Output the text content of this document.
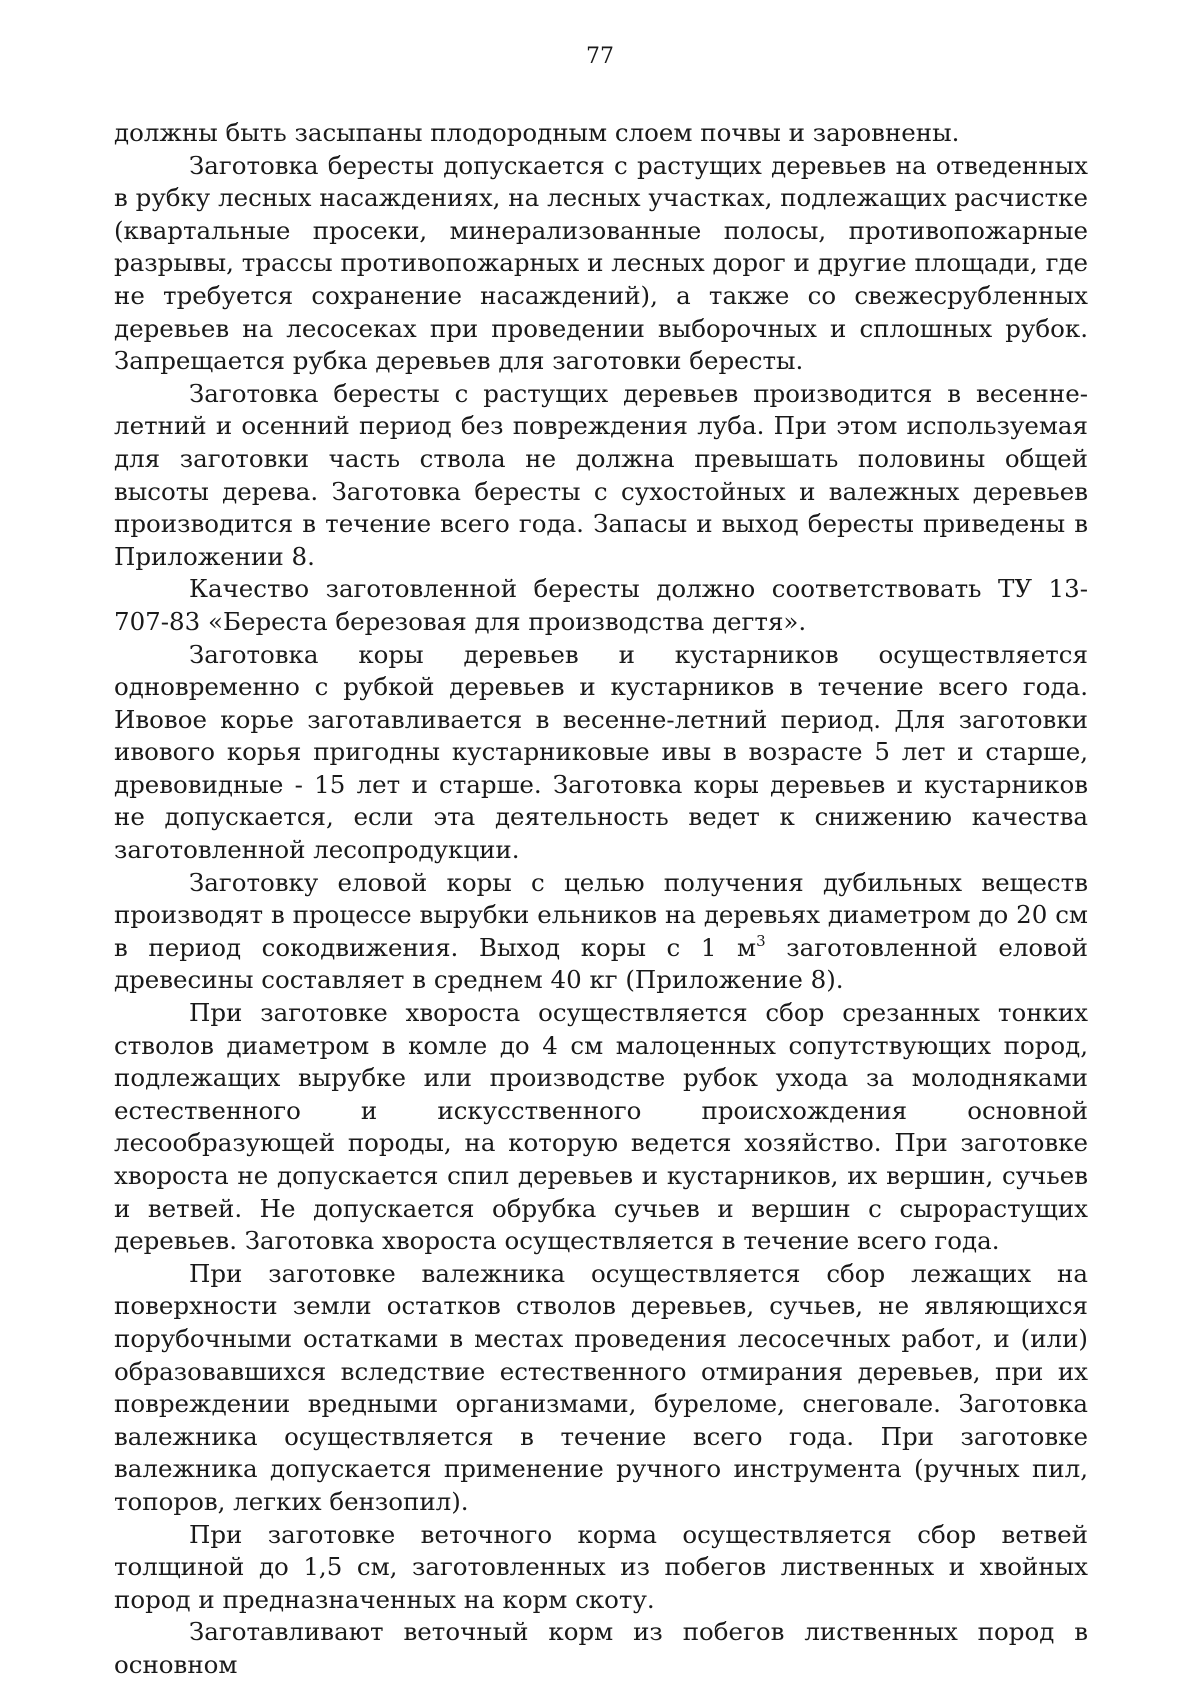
77

должны быть засыпаны плодородным слоем почвы и заровнены.

Заготовка бересты допускается с растущих деревьев на отведенных в рубку лесных насаждениях, на лесных участках, подлежащих расчистке (квартальные просеки, минерализованные полосы, противопожарные разрывы, трассы противопожарных и лесных дорог и другие площади, где не требуется сохранение насаждений), а также со свежесрубленных деревьев на лесосеках при проведении выборочных и сплошных рубок. Запрещается рубка деревьев для заготовки бересты.

Заготовка бересты с растущих деревьев производится в весенне-летний и осенний период без повреждения луба. При этом используемая для заготовки часть ствола не должна превышать половины общей высоты дерева. Заготовка бересты с сухостойных и валежных деревьев производится в течение всего года. Запасы и выход бересты приведены в Приложении 8.

Качество заготовленной бересты должно соответствовать ТУ 13-707-83 «Береста березовая для производства дегтя».

Заготовка коры деревьев и кустарников осуществляется одновременно с рубкой деревьев и кустарников в течение всего года. Ивовое корье заготавливается в весенне-летний период. Для заготовки ивового корья пригодны кустарниковые ивы в возрасте 5 лет и старше, древовидные - 15 лет и старше. Заготовка коры деревьев и кустарников не допускается, если эта деятельность ведет к снижению качества заготовленной лесопродукции.

Заготовку еловой коры с целью получения дубильных веществ производят в процессе вырубки ельников на деревьях диаметром до 20 см в период сокодвижения. Выход коры с 1 $м^3$ заготовленной еловой древесины составляет в среднем 40 кг (Приложение 8).

При заготовке хвороста осуществляется сбор срезанных тонких стволов диаметром в комле до 4 см малоценных сопутствующих пород, подлежащих вырубке или производстве рубок ухода за молодняками естественного и искусственного происхождения основной лесообразующей породы, на которую ведется хозяйство. При заготовке хвороста не допускается спил деревьев и кустарников, их вершин, сучьев и ветвей. Не допускается обрубка сучьев и вершин с сырорастущих деревьев. Заготовка хвороста осуществляется в течение всего года.

При заготовке валежника осуществляется сбор лежащих на поверхности земли остатков стволов деревьев, сучьев, не являющихся порубочными остатками в местах проведения лесосечных работ, и (или) образовавшихся вследствие естественного отмирания деревьев, при их повреждении вредными организмами, буреломе, снеговале. Заготовка валежника осуществляется в течение всего года. При заготовке валежника допускается применение ручного инструмента (ручных пил, топоров, легких бензопил).

При заготовке веточного корма осуществляется сбор ветвей толщиной до 1,5 см, заготовленных из побегов лиственных и хвойных пород и предназначенных на корм скоту.

Заготавливают веточный корм из побегов лиственных пород в основном
